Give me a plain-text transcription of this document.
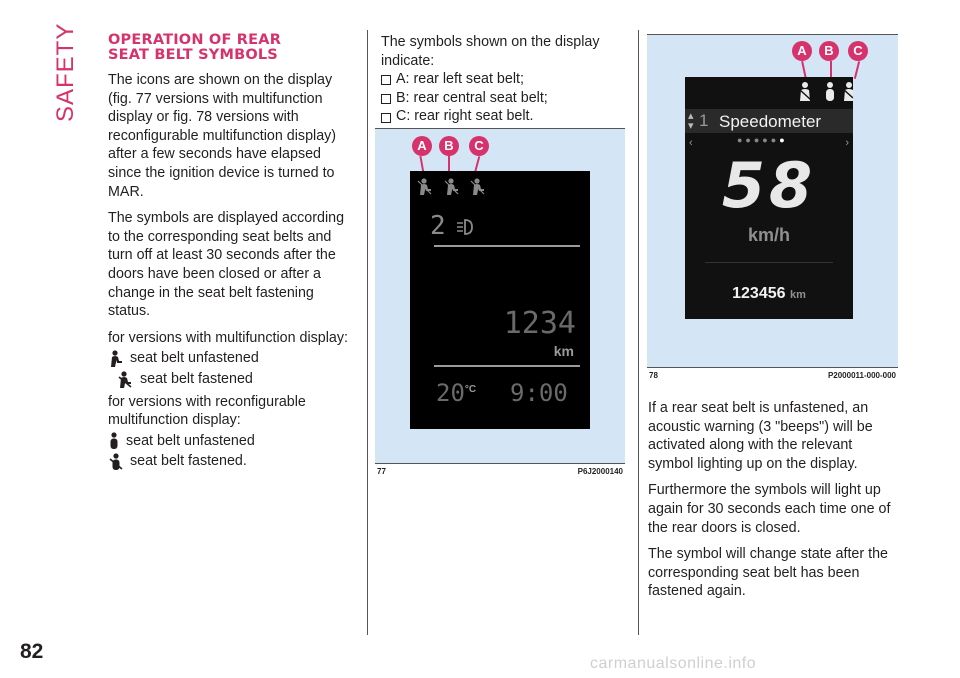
SAFETY
82
OPERATION OF REAR
SEAT BELT SYMBOLS

The icons are shown on the display (fig. 77 versions with multifunction display or fig. 78 versions with reconfigurable multifunction display) after a few seconds have elapsed since the ignition device is turned to MAR.

The symbols are displayed according to the corresponding seat belts and turn off at least 30 seconds after the doors have been closed or after a change in the seat belt fastening status.

for versions with multifunction display:

seat belt unfastened
seat belt fastened

for versions with reconfigurable multifunction display:

seat belt unfastened
seat belt fastened.
The symbols shown on the display indicate:
A: rear left seat belt;
B: rear central seat belt;
C: rear right seat belt.
A	B	C
2
1234
km
$20^{^\circ C}$ 9:00
77	P6J2000140
A	B	C
▴
▾ 1 Speedometer
●●●●●●
‹	›
58
km/h
123456 km
78	P2000011-000-000

If a rear seat belt is unfastened, an acoustic warning (3 "beeps") will be activated along with the relevant symbol lighting up on the display.

Furthermore the symbols will light up again for 30 seconds each time one of the rear doors is closed.

The symbol will change state after the corresponding seat belt has been fastened again.

carmanualsonline.info
